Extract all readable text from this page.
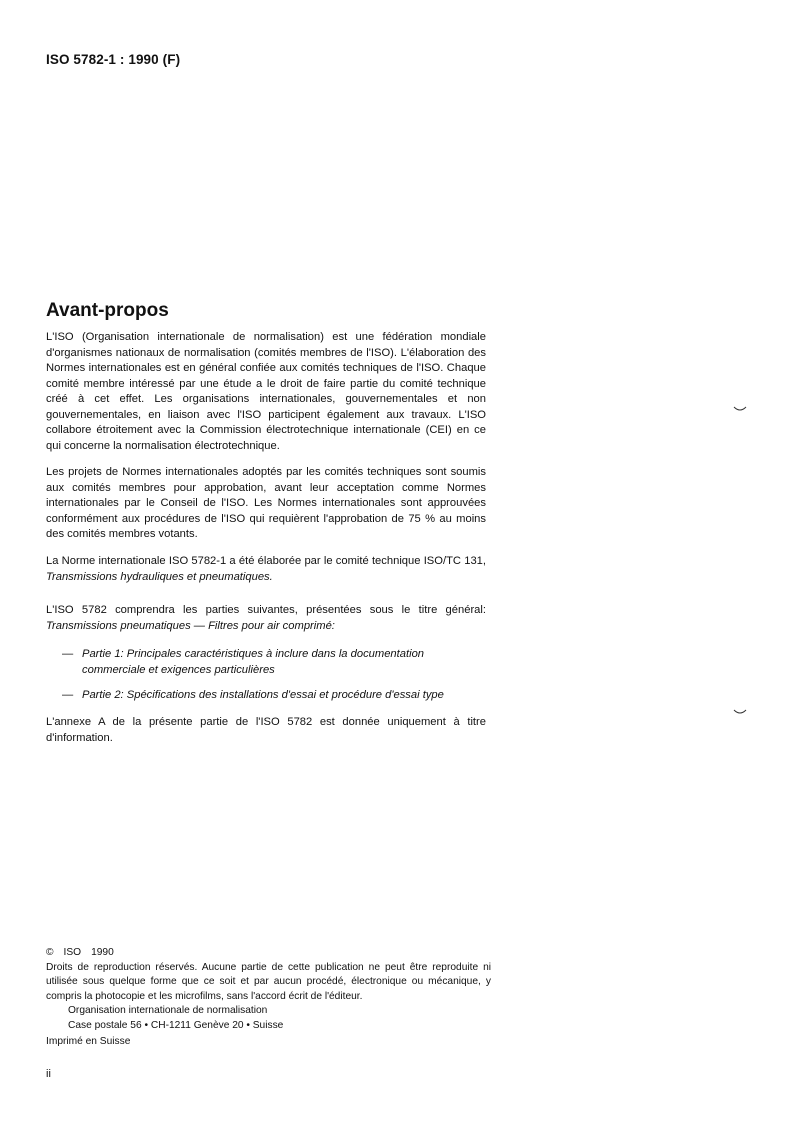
ISO 5782-1 : 1990 (F)
Avant-propos

L'ISO (Organisation internationale de normalisation) est une fédération mondiale d'organismes nationaux de normalisation (comités membres de l'ISO). L'élaboration des Normes internationales est en général confiée aux comités techniques de l'ISO. Chaque comité membre intéressé par une étude a le droit de faire partie du comité technique créé à cet effet. Les organisations internationales, gouvernementales et non gouvernementales, en liaison avec l'ISO participent également aux travaux. L'ISO collabore étroitement avec la Commission électrotechnique internationale (CEI) en ce qui concerne la normalisation électrotechnique.

Les projets de Normes internationales adoptés par les comités techniques sont soumis aux comités membres pour approbation, avant leur acceptation comme Normes internationales par le Conseil de l'ISO. Les Normes internationales sont approuvées conformément aux procédures de l'ISO qui requièrent l'approbation de 75 % au moins des comités membres votants.

La Norme internationale ISO 5782-1 a été élaborée par le comité technique ISO/TC 131, Transmissions hydrauliques et pneumatiques.

L'ISO 5782 comprendra les parties suivantes, présentées sous le titre général: Transmissions pneumatiques — Filtres pour air comprimé:

— Partie 1: Principales caractéristiques à inclure dans la documentation commerciale et exigences particulières
— Partie 2: Spécifications des installations d'essai et procédure d'essai type

L'annexe A de la présente partie de l'ISO 5782 est donnée uniquement à titre d'information.

© ISO 1990
Droits de reproduction réservés. Aucune partie de cette publication ne peut être reproduite ni utilisée sous quelque forme que ce soit et par aucun procédé, électronique ou mécanique, y compris la photocopie et les microfilms, sans l'accord écrit de l'éditeur.
Organisation internationale de normalisation
Case postale 56 • CH-1211 Genève 20 • Suisse
Imprimé en Suisse
ii
